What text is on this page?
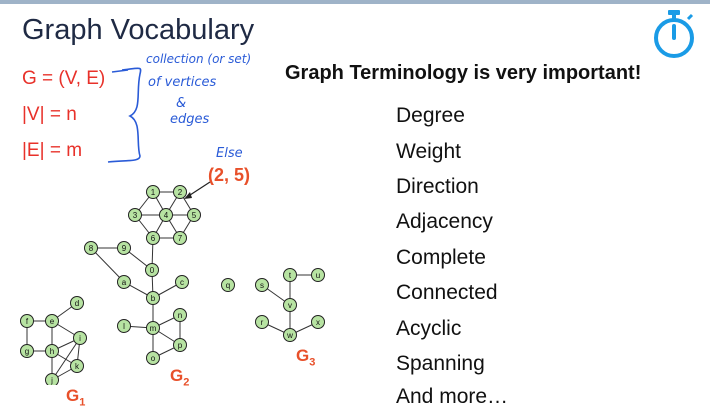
Graph Vocabulary
Graph Terminology is very important!
G = (V, E)
|V| = n
|E| = m
collection (or set)
of vertices
&
edges
Else
(2, 5)
Degree
Weight
Direction
Adjacency
Complete
Connected
Acyclic
Spanning
And more…
$G_1$
$G_2$
$G_3$
0
1	2
3	4	5
6	7
8	9
a
b
c
m
l
n
o
p
f	e
d
g	h
i
k
j
q	s
t	u
v
r
w
x
